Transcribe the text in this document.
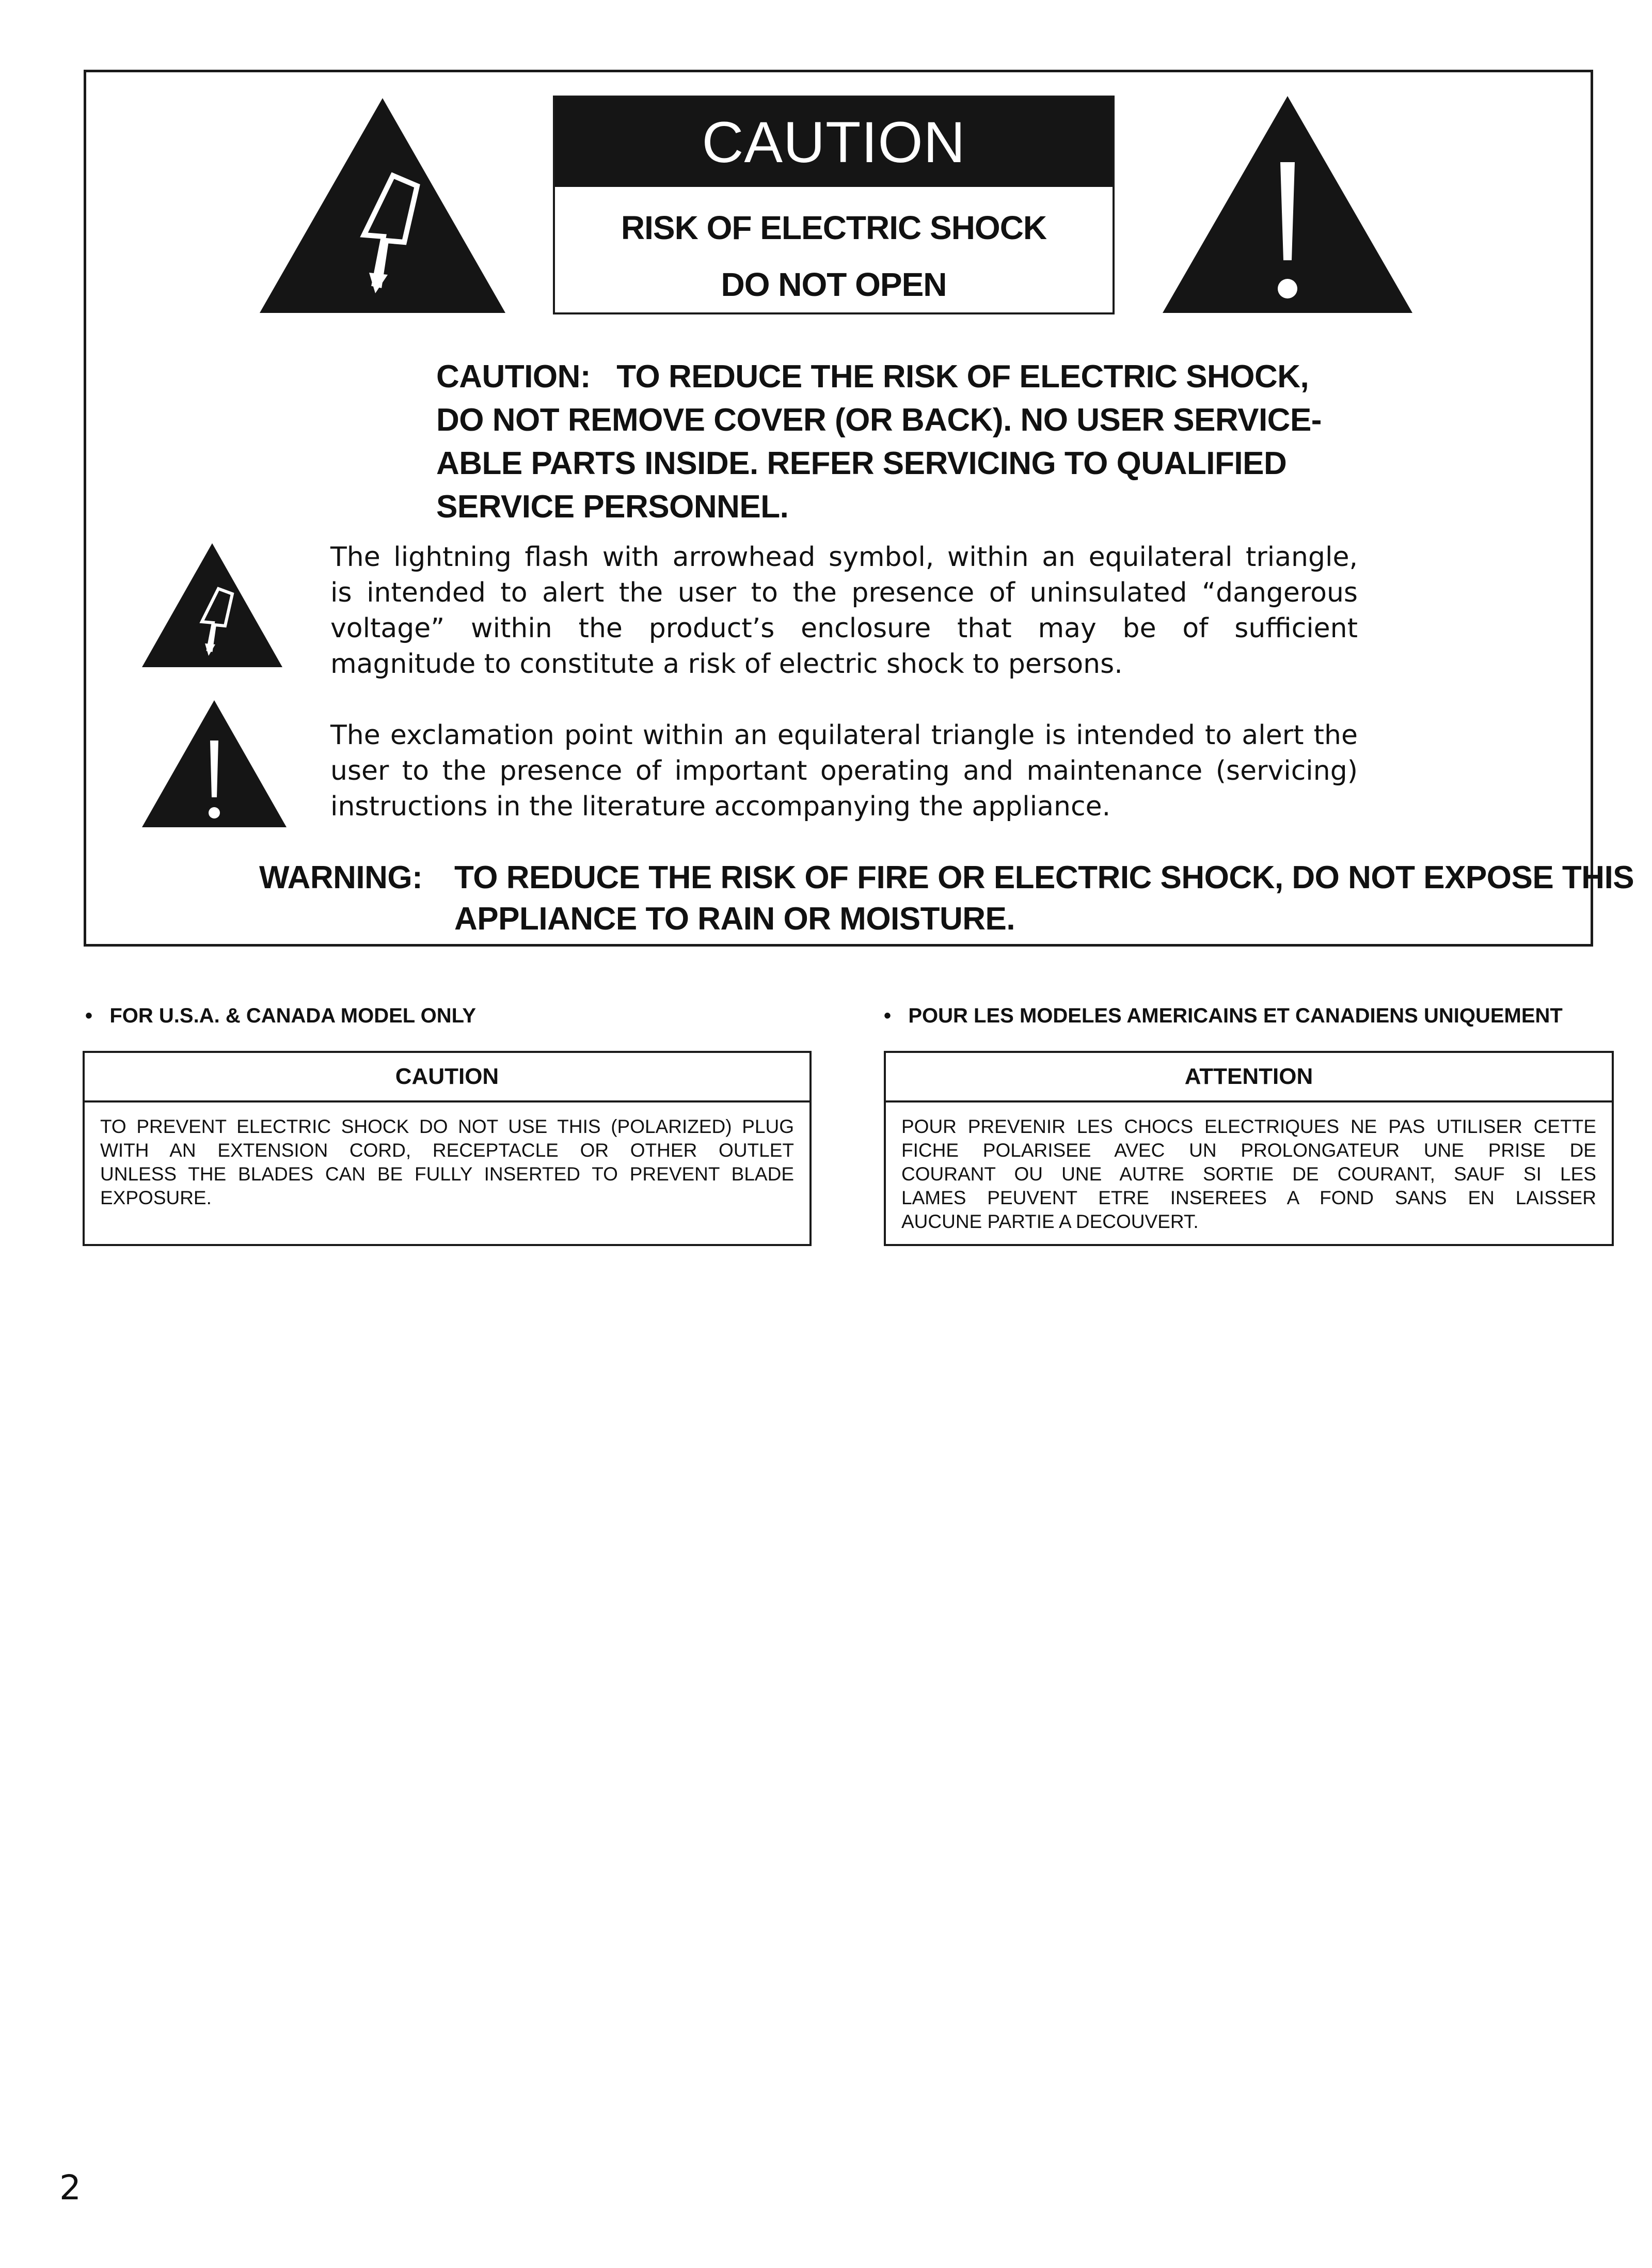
CAUTION
RISK OF ELECTRIC SHOCK
DO NOT OPEN
CAUTION: TO REDUCE THE RISK OF ELECTRIC SHOCK,
DO NOT REMOVE COVER (OR BACK). NO USER SERVICE-
ABLE PARTS INSIDE. REFER SERVICING TO QUALIFIED
SERVICE PERSONNEL.
The lightning flash with arrowhead symbol, within an equilateral triangle,
is intended to alert the user to the presence of uninsulated “dangerous
voltage” within the product’s enclosure that may be of sufficient
magnitude to constitute a risk of electric shock to persons.
The exclamation point within an equilateral triangle is intended to alert the
user to the presence of important operating and maintenance (servicing)
instructions in the literature accompanying the appliance.
WARNING: TO REDUCE THE RISK OF FIRE OR ELECTRIC SHOCK, DO NOT EXPOSE THIS
APPLIANCE TO RAIN OR MOISTURE.
• FOR U.S.A. & CANADA MODEL ONLY
CAUTION
TO PREVENT ELECTRIC SHOCK DO NOT USE THIS (POLARIZED) PLUG
WITH AN EXTENSION CORD, RECEPTACLE OR OTHER OUTLET
UNLESS THE BLADES CAN BE FULLY INSERTED TO PREVENT BLADE
EXPOSURE.
• POUR LES MODELES AMERICAINS ET CANADIENS UNIQUEMENT
ATTENTION
POUR PREVENIR LES CHOCS ELECTRIQUES NE PAS UTILISER CETTE
FICHE POLARISEE AVEC UN PROLONGATEUR UNE PRISE DE
COURANT OU UNE AUTRE SORTIE DE COURANT, SAUF SI LES
LAMES PEUVENT ETRE INSEREES A FOND SANS EN LAISSER
AUCUNE PARTIE A DECOUVERT.
2
